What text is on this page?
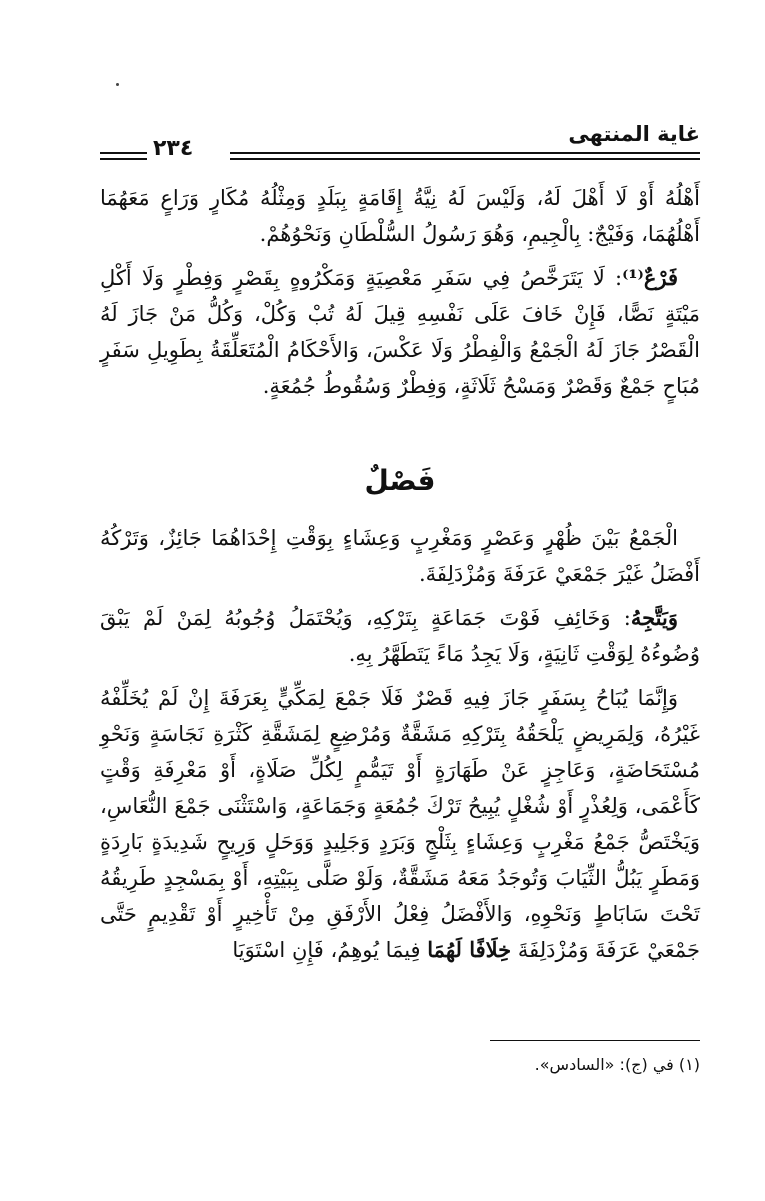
غاية المنتهى
٢٣٤

أَهْلُهُ أَوْ لَا أَهْلَ لَهُ، وَلَيْسَ لَهُ نِيَّةُ إِقَامَةٍ بِبَلَدٍ وَمِثْلُهُ مُكَارٍ وَرَاعٍ مَعَهُمَا أَهْلُهُمَا، وَفَيْجٌ: بِالْجِيمِ، وَهُوَ رَسُولُ السُّلْطَانِ وَنَحْوُهُمْ.

فَرْعٌ⁽¹⁾: لَا يَتَرَخَّصُ فِي سَفَرِ مَعْصِيَةٍ وَمَكْرُوهٍ بِقَصْرٍ وَفِطْرٍ وَلَا أَكْلِ مَيْتَةٍ نَصًّا، فَإِنْ خَافَ عَلَى نَفْسِهِ قِيلَ لَهُ تُبْ وَكُلْ، وَكُلُّ مَنْ جَازَ لَهُ الْقَصْرُ جَازَ لَهُ الْجَمْعُ وَالْفِطْرُ وَلَا عَكْسَ، وَالأَحْكَامُ الْمُتَعَلِّقَةُ بِطَوِيلِ سَفَرٍ مُبَاحٍ جَمْعٌ وَقَصْرٌ وَمَسْحُ ثَلَاثَةٍ، وَفِطْرٌ وَسُقُوطُ جُمُعَةٍ.

فَصْلٌ

الْجَمْعُ بَيْنَ ظُهْرٍ وَعَصْرٍ وَمَغْرِبٍ وَعِشَاءٍ بِوَقْتِ إِحْدَاهُمَا جَائِزٌ، وَتَرْكُهُ أَفْضَلُ غَيْرَ جَمْعَيْ عَرَفَةَ وَمُزْدَلِفَةَ.

وَيَتَّجِهُ: وَخَائِفِ فَوْتَ جَمَاعَةٍ بِتَرْكِهِ، وَيُحْتَمَلُ وُجُوبُهُ لِمَنْ لَمْ يَبْقَ وُضُوءُهُ لِوَقْتِ ثَانِيَةٍ، وَلَا يَجِدُ مَاءً يَتَطَهَّرُ بِهِ.

وَإِنَّمَا يُبَاحُ بِسَفَرٍ جَازَ فِيهِ قَصْرٌ فَلَا جَمْعَ لِمَكِّيٍّ بِعَرَفَةَ إِنْ لَمْ يُخَلِّفْهُ غَيْرُهُ، وَلِمَرِيضٍ يَلْحَقُهُ بِتَرْكِهِ مَشَقَّةٌ وَمُرْضِعٍ لِمَشَقَّةِ كَثْرَةِ نَجَاسَةٍ وَنَحْوِ مُسْتَحَاضَةٍ، وَعَاجِزٍ عَنْ طَهَارَةٍ أَوْ تَيَمُّمٍ لِكُلِّ صَلَاةٍ، أَوْ مَعْرِفَةِ وَقْتٍ كَأَعْمَى، وَلِعُذْرٍ أَوْ شُغْلٍ يُبِيحُ تَرْكَ جُمُعَةٍ وَجَمَاعَةٍ، وَاسْتَثْنَى جَمْعَ النُّعَاسِ، وَيَخْتَصُّ جَمْعُ مَغْرِبٍ وَعِشَاءٍ بِثَلْجٍ وَبَرَدٍ وَجَلِيدٍ وَوَحَلٍ وَرِيحٍ شَدِيدَةٍ بَارِدَةٍ وَمَطَرٍ يَبُلُّ الثِّيَابَ وَتُوجَدُ مَعَهُ مَشَقَّةٌ، وَلَوْ صَلَّى بِبَيْتِهِ، أَوْ بِمَسْجِدٍ طَرِيقُهُ تَحْتَ سَابَاطٍ وَنَحْوِهِ، وَالأَفْضَلُ فِعْلُ الأَرْفَقِ مِنْ تَأْخِيرٍ أَوْ تَقْدِيمٍ حَتَّى جَمْعَيْ عَرَفَةَ وَمُزْدَلِفَةَ خِلَافًا لَهُمَا فِيمَا يُوهِمُ، فَإِنِ اسْتَوَيَا

(١) في (ج): «السادس».
